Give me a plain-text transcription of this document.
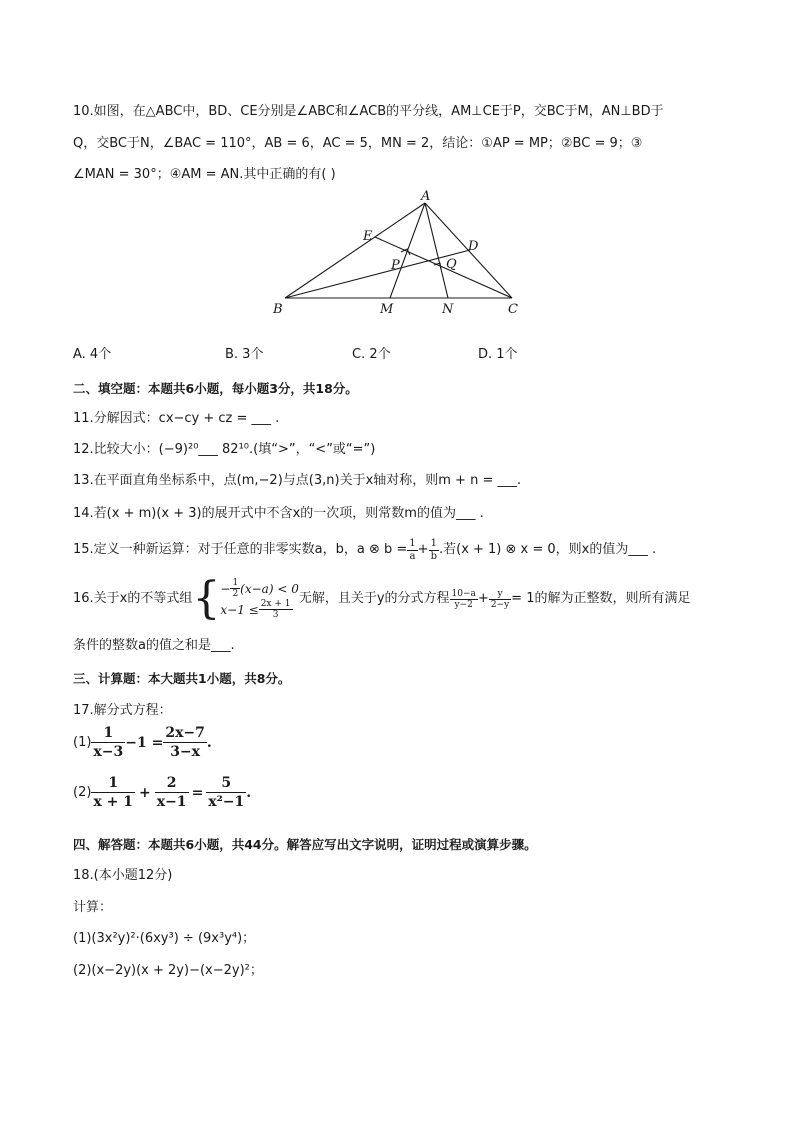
10.如图，在△ABC中，BD、CE分别是∠ABC和∠ACB的平分线，AM⊥CE于P，交BC于M，AN⊥BD于
Q，交BC于N，∠BAC = 110°，AB = 6，AC = 5，MN = 2，结论：①AP = MP；②BC = 9；③
∠MAN = 30°；④AM = AN.其中正确的有( )
A
B	C
D
E
P	Q
M	N
A. 4个	B. 3个	C. 2个	D. 1个
二、填空题：本题共6小题，每小题3分，共18分。
11.分解因式：cx−cy + cz = ___ .
12.比较大小：(−9)²⁰___ 82¹⁰.(填“>”，“<”或“=”)
13.在平面直角坐标系中，点(m,−2)与点(3,n)关于x轴对称，则m + n = ___.
14.若(x + m)(x + 3)的展开式中不含x的一次项，则常数m的值为___ .
15.定义一种新运算：对于任意的非零实数a，b，a ⊗ $b = \frac{1}{a} + \frac{1}{b}$ .若(x + 1) ⊗ x = 0，则x的值为___ .
16.关于x的不等式组 { − $\frac{1}{2} (x-a) < 0$
$x-1 \le \frac{2x + 1}{3}$
无解，且关于y的分式方程 $\frac{10-a}{y-2} + \frac{y}{2-y} = 1$的解为正整数，则所有满足
条件的整数a的值之和是___.
三、计算题：本大题共1小题，共8分。
17.解分式方程：
$(1) \frac{1}{x-3} -1 = \frac{2x-7}{3-x}$ .
$(2) \frac{1}{x + 1} + \frac{2}{x-1} = \frac{5}{\text{x²−1}}$ .
四、解答题：本题共6小题，共44分。解答应写出文字说明，证明过程或演算步骤。
18.(本小题12分)
计算：
(1)(3x²y)²·(6xy³) ÷ (9x³y⁴)；
(2)(x−2y)(x + 2y)−(x−2y)²；
